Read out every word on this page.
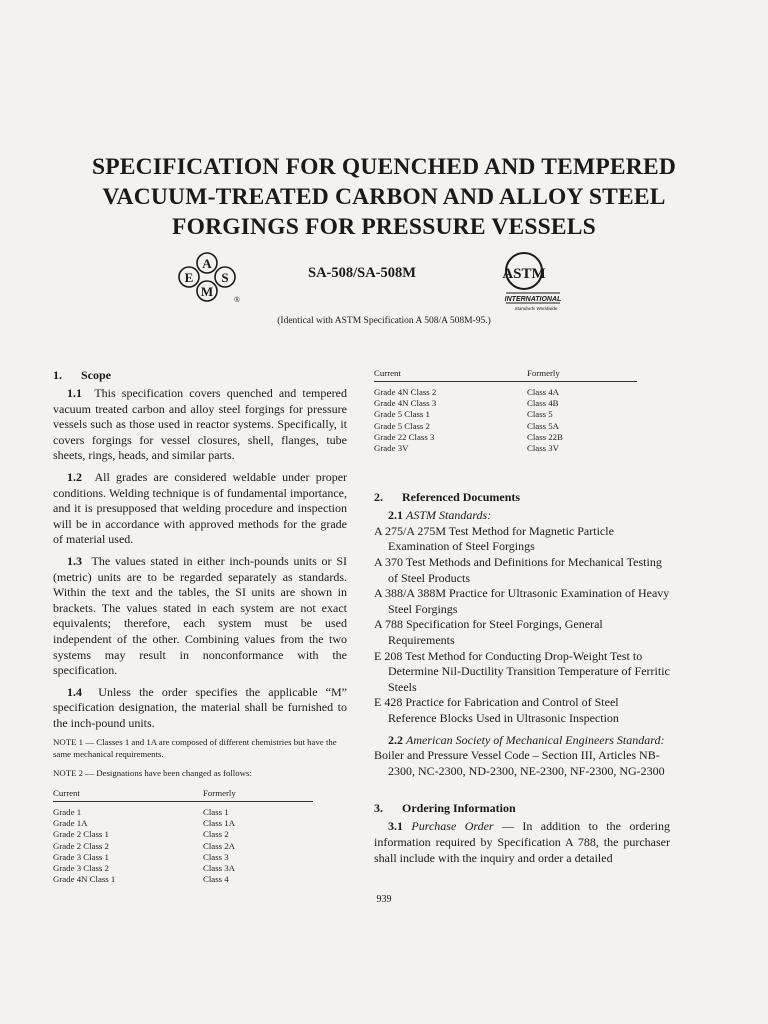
SPECIFICATION FOR QUENCHED AND TEMPERED
VACUUM-TREATED CARBON AND ALLOY STEEL
FORGINGS FOR PRESSURE VESSELS
A
E S
M
®
SA-508/SA-508M	ASTM
INTERNATIONAL
Standards Worldwide
(Identical with ASTM Specification A 508/A 508M-95.)
1. Scope

1.1 This specification covers quenched and tempered vacuum treated carbon and alloy steel forgings for pressure vessels such as those used in reactor systems. Specifically, it covers forgings for vessel closures, shell, flanges, tube sheets, rings, heads, and similar parts.

1.2 All grades are considered weldable under proper conditions. Welding technique is of fundamental importance, and it is presupposed that welding procedure and inspection will be in accordance with approved methods for the grade of material used.

1.3 The values stated in either inch-pounds units or SI (metric) units are to be regarded separately as standards. Within the text and the tables, the SI units are shown in brackets. The values stated in each system are not exact equivalents; therefore, each system must be used independent of the other. Combining values from the two systems may result in nonconformance with the specification.

1.4 Unless the order specifies the applicable “M” specification designation, the material shall be furnished to the inch-pound units.

NOTE 1 — Classes 1 and 1A are composed of different chemistries but have the same mechanical requirements.
NOTE 2 — Designations have been changed as follows:
Current	Formerly
Grade 1	Class 1
Grade 1A	Class 1A
Grade 2 Class 1	Class 2
Grade 2 Class 2	Class 2A
Grade 3 Class 1	Class 3
Grade 3 Class 2	Class 3A
Grade 4N Class 1	Class 4
Current	Formerly
Grade 4N Class 2	Class 4A
Grade 4N Class 3	Class 4B
Grade 5 Class 1	Class 5
Grade 5 Class 2	Class 5A
Grade 22 Class 3	Class 22B
Grade 3V	Class 3V
2. Referenced Documents
2.1 ASTM Standards:

A 275/A 275M Test Method for Magnetic Particle Examination of Steel Forgings

A 370 Test Methods and Definitions for Mechanical Testing of Steel Products

A 388/A 388M Practice for Ultrasonic Examination of Heavy Steel Forgings

A 788 Specification for Steel Forgings, General Requirements

E 208 Test Method for Conducting Drop-Weight Test to Determine Nil-Ductility Transition Temperature of Ferritic Steels

E 428 Practice for Fabrication and Control of Steel Reference Blocks Used in Ultrasonic Inspection

2.2 American Society of Mechanical Engineers Standard:

Boiler and Pressure Vessel Code – Section III, Articles NB-2300, NC-2300, ND-2300, NE-2300, NF-2300, NG-2300

3. Ordering Information

3.1 Purchase Order — In addition to the ordering information required by Specification A 788, the purchaser shall include with the inquiry and order a detailed

939
